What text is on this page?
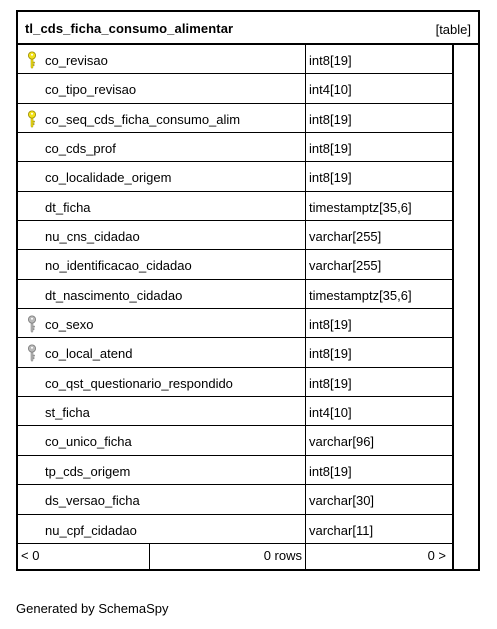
tl_cds_ficha_consumo_alimentar	[table]
co_revisao	int8[19]
co_tipo_revisao	int4[10]
co_seq_cds_ficha_consumo_alim	int8[19]
co_cds_prof	int8[19]
co_localidade_origem	int8[19]
dt_ficha	timestamptz[35,6]
nu_cns_cidadao	varchar[255]
no_identificacao_cidadao	varchar[255]
dt_nascimento_cidadao	timestamptz[35,6]
co_sexo	int8[19]
co_local_atend	int8[19]
co_qst_questionario_respondido	int8[19]
st_ficha	int4[10]
co_unico_ficha	varchar[96]
tp_cds_origem	int8[19]
ds_versao_ficha	varchar[30]
nu_cpf_cidadao	varchar[11]
< 0	0 rows	0 >
Generated by SchemaSpy
